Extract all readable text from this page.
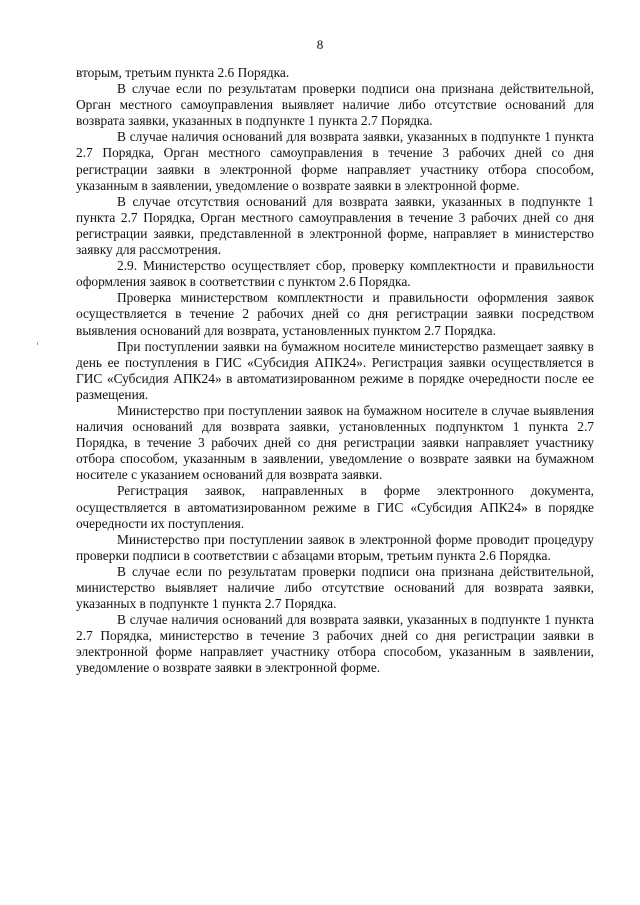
8

вторым, третьим пункта 2.6 Порядка.

В случае если по результатам проверки подписи она признана действительной, Орган местного самоуправления выявляет наличие либо отсутствие оснований для возврата заявки, указанных в подпункте 1 пункта 2.7 Порядка.

В случае наличия оснований для возврата заявки, указанных в подпункте 1 пункта 2.7 Порядка, Орган местного самоуправления в течение 3 рабочих дней со дня регистрации заявки в электронной форме направляет участнику отбора способом, указанным в заявлении, уведомление о возврате заявки в электронной форме.

В случае отсутствия оснований для возврата заявки, указанных в подпункте 1 пункта 2.7 Порядка, Орган местного самоуправления в течение 3 рабочих дней со дня регистрации заявки, представленной в электронной форме, направляет в министерство заявку для рассмотрения.

2.9. Министерство осуществляет сбор, проверку комплектности и правильности оформления заявок в соответствии с пунктом 2.6 Порядка.

Проверка министерством комплектности и правильности оформления заявок осуществляется в течение 2 рабочих дней со дня регистрации заявки посредством выявления оснований для возврата, установленных пунктом 2.7 Порядка.

При поступлении заявки на бумажном носителе министерство размещает заявку в день ее поступления в ГИС «Субсидия АПК24». Регистрация заявки осуществляется в ГИС «Субсидия АПК24» в автоматизированном режиме в порядке очередности после ее размещения.

Министерство при поступлении заявок на бумажном носителе в случае выявления наличия оснований для возврата заявки, установленных подпунктом 1 пункта 2.7 Порядка, в течение 3 рабочих дней со дня регистрации заявки направляет участнику отбора способом, указанным в заявлении, уведомление о возврате заявки на бумажном носителе с указанием оснований для возврата заявки.

Регистрация заявок, направленных в форме электронного документа, осуществляется в автоматизированном режиме в ГИС «Субсидия АПК24» в порядке очередности их поступления.

Министерство при поступлении заявок в электронной форме проводит процедуру проверки подписи в соответствии с абзацами вторым, третьим пункта 2.6 Порядка.

В случае если по результатам проверки подписи она признана действительной, министерство выявляет наличие либо отсутствие оснований для возврата заявки, указанных в подпункте 1 пункта 2.7 Порядка.

В случае наличия оснований для возврата заявки, указанных в подпункте 1 пункта 2.7 Порядка, министерство в течение 3 рабочих дней со дня регистрации заявки в электронной форме направляет участнику отбора способом, указанным в заявлении, уведомление о возврате заявки в электронной форме.
